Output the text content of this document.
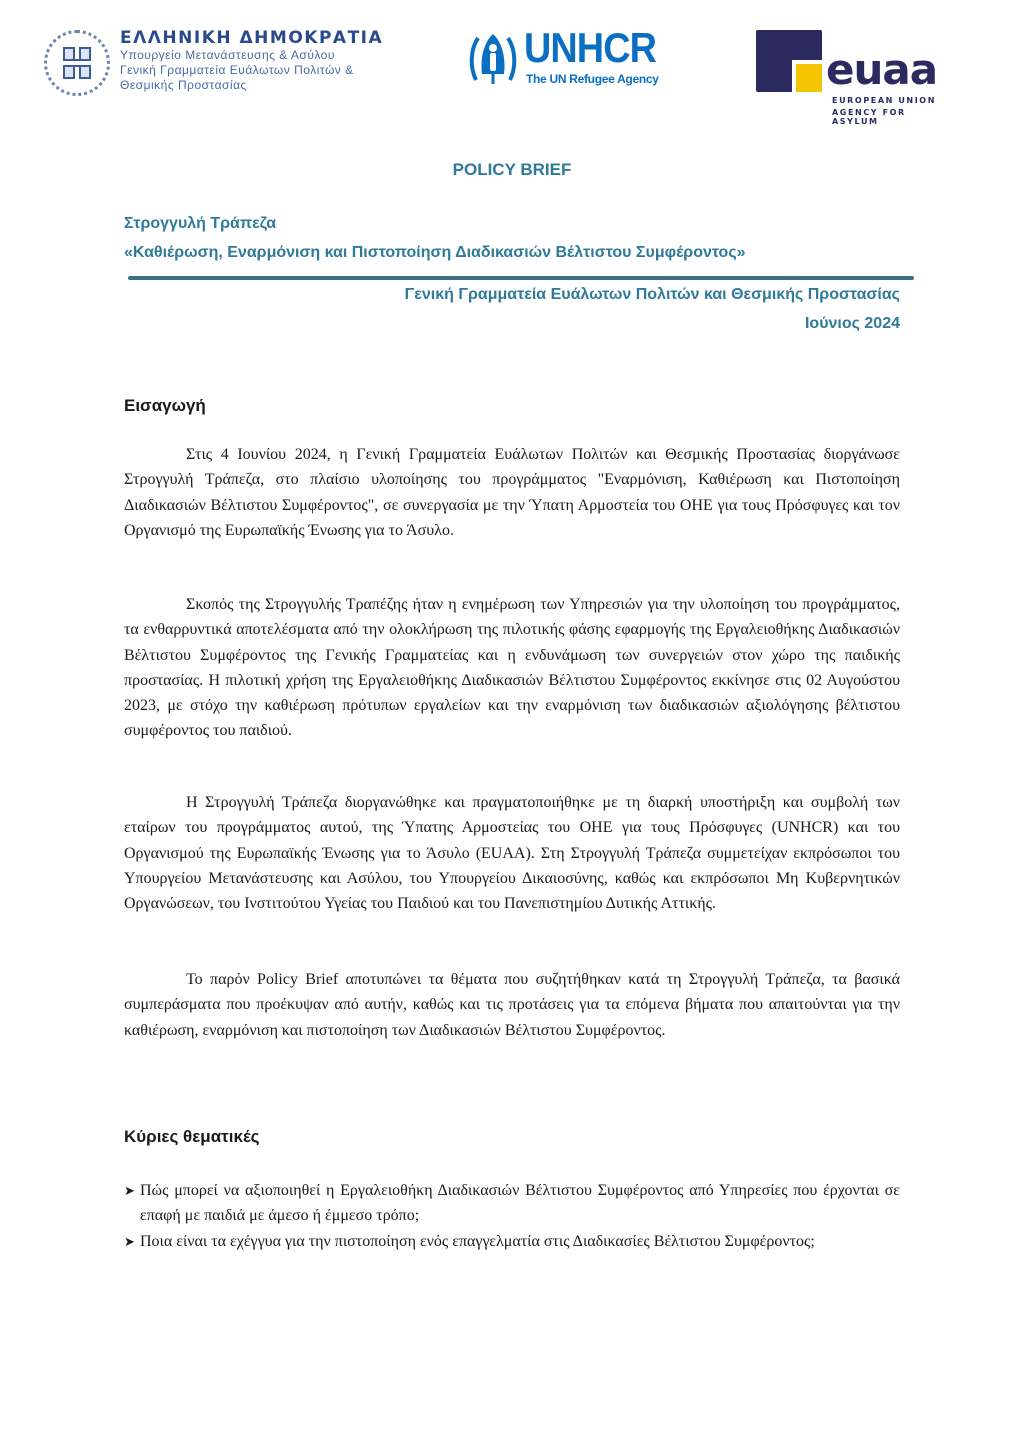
ΕΛΛΗΝΙΚΗ ΔΗΜΟΚΡΑΤΙΑ
Υπουργείο Μετανάστευσης & Ασύλου
Γενική Γραμματεία Ευάλωτων Πολιτών &
Θεσμικής Προστασίας
UNHCR
The UN Refugee Agency	euaa
EUROPEAN UNION
AGENCY FOR ASYLUM
POLICY BRIEF
Στρογγυλή Τράπεζα
«Καθιέρωση, Εναρμόνιση και Πιστοποίηση Διαδικασιών Βέλτιστου Συμφέροντος»
Γενική Γραμματεία Ευάλωτων Πολιτών και Θεσμικής Προστασίας
Ιούνιος 2024
Εισαγωγή

Στις 4 Ιουνίου 2024, η Γενική Γραμματεία Ευάλωτων Πολιτών και Θεσμικής Προστασίας διοργάνωσε Στρογγυλή Τράπεζα, στο πλαίσιο υλοποίησης του προγράμματος "Εναρμόνιση, Καθιέρωση και Πιστοποίηση Διαδικασιών Βέλτιστου Συμφέροντος", σε συνεργασία με την Ύπατη Αρμοστεία του ΟΗΕ για τους Πρόσφυγες και τον Οργανισμό της Ευρωπαϊκής Ένωσης για το Άσυλο.

Σκοπός της Στρογγυλής Τραπέζης ήταν η ενημέρωση των Υπηρεσιών για την υλοποίηση του προγράμματος, τα ενθαρρυντικά αποτελέσματα από την ολοκλήρωση της πιλοτικής φάσης εφαρμογής της Εργαλειοθήκης Διαδικασιών Βέλτιστου Συμφέροντος της Γενικής Γραμματείας και η ενδυνάμωση των συνεργειών στον χώρο της παιδικής προστασίας. Η πιλοτική χρήση της Εργαλειοθήκης Διαδικασιών Βέλτιστου Συμφέροντος εκκίνησε στις 02 Αυγούστου 2023, με στόχο την καθιέρωση πρότυπων εργαλείων και την εναρμόνιση των διαδικασιών αξιολόγησης βέλτιστου συμφέροντος του παιδιού.

Η Στρογγυλή Τράπεζα διοργανώθηκε και πραγματοποιήθηκε με τη διαρκή υποστήριξη και συμβολή των εταίρων του προγράμματος αυτού, της Ύπατης Αρμοστείας του ΟΗΕ για τους Πρόσφυγες (UNHCR) και του Οργανισμού της Ευρωπαϊκής Ένωσης για το Άσυλο (EUAA). Στη Στρογγυλή Τράπεζα συμμετείχαν εκπρόσωποι του Υπουργείου Μετανάστευσης και Ασύλου, του Υπουργείου Δικαιοσύνης, καθώς και εκπρόσωποι Μη Κυβερνητικών Οργανώσεων, του Ινστιτούτου Υγείας του Παιδιού και του Πανεπιστημίου Δυτικής Αττικής.

Το παρόν Policy Brief αποτυπώνει τα θέματα που συζητήθηκαν κατά τη Στρογγυλή Τράπεζα, τα βασικά συμπεράσματα που προέκυψαν από αυτήν, καθώς και τις προτάσεις για τα επόμενα βήματα που απαιτούνται για την καθιέρωση, εναρμόνιση και πιστοποίηση των Διαδικασιών Βέλτιστου Συμφέροντος.

Κύριες θεματικές
➤ Πώς μπορεί να αξιοποιηθεί η Εργαλειοθήκη Διαδικασιών Βέλτιστου Συμφέροντος από Υπηρεσίες που έρχονται σε επαφή με παιδιά με άμεσο ή έμμεσο τρόπο;
➤ Ποια είναι τα εχέγγυα για την πιστοποίηση ενός επαγγελματία στις Διαδικασίες Βέλτιστου Συμφέροντος;
